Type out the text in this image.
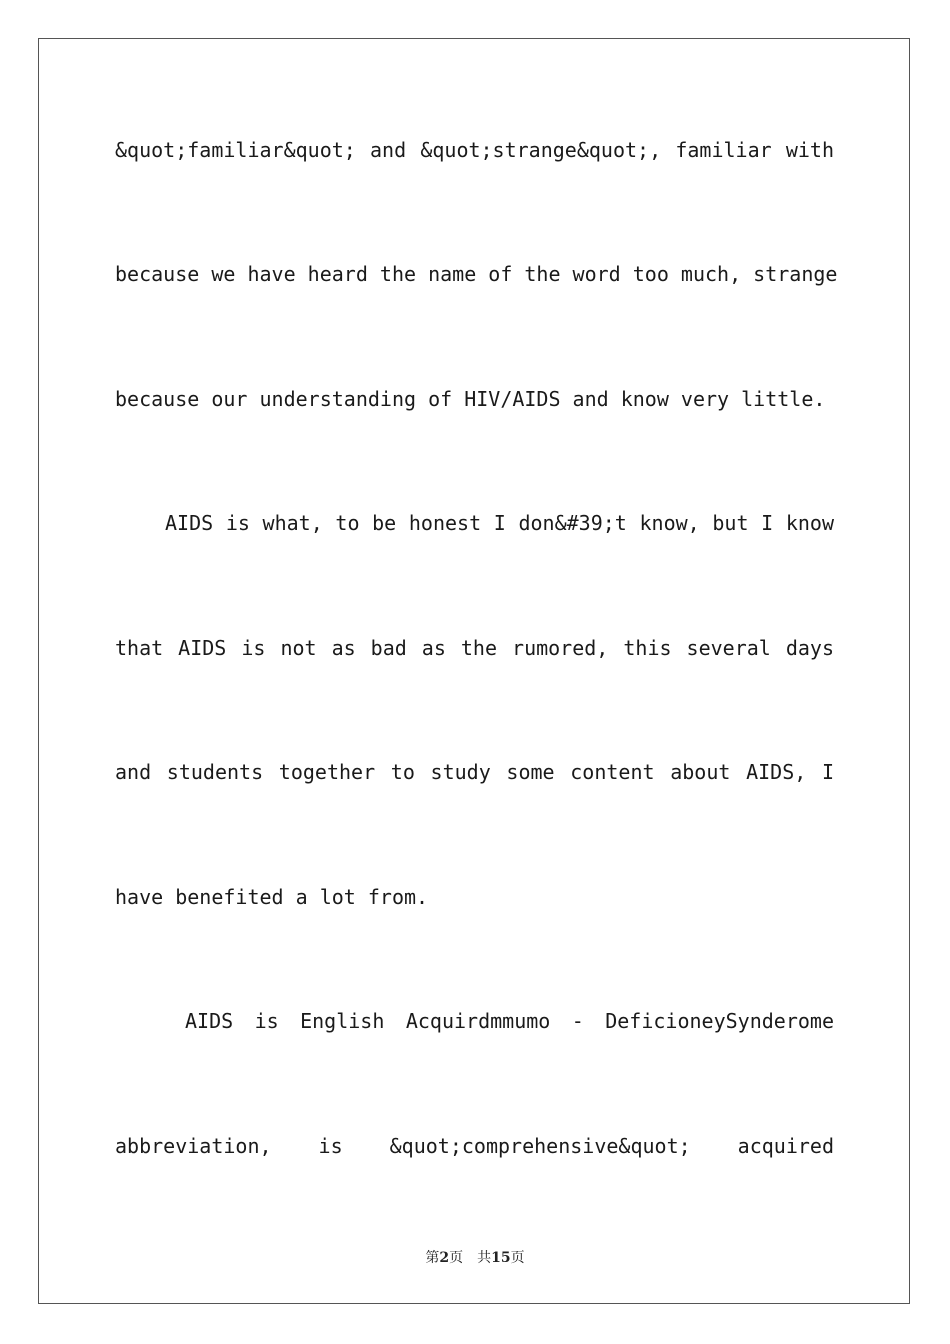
&quot;familiar&quot; and &quot;strange&quot;, familiar with

because we have heard the name of the word too much, strange

because our understanding of HIV/AIDS and know very little.

AIDS is what, to be honest I don&#39;t know, but I know

that AIDS is not as bad as the rumored, this several days

and students together to study some content about AIDS, I

have benefited a lot from.

AIDS is English Acquirdmmumo - DeficioneySynderome

abbreviation, is &quot;comprehensive&quot; acquired

第2页　共15页
